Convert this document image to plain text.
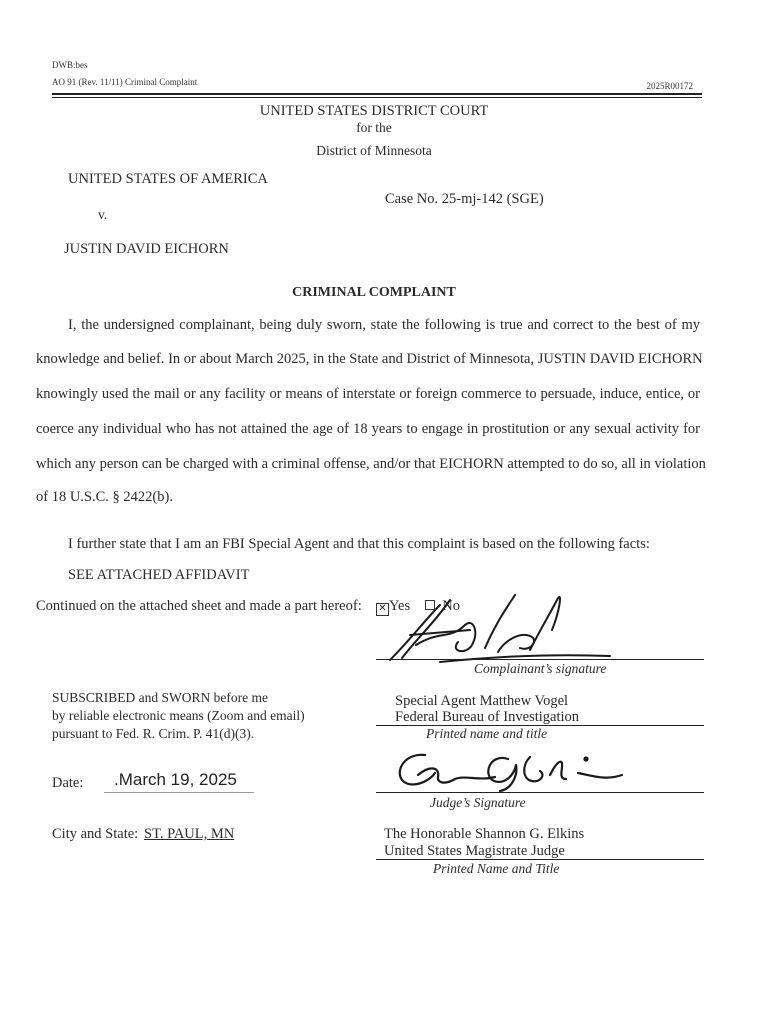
DWB:bes
AO 91 (Rev. 11/11) Criminal Complaint	2025R00172
UNITED STATES DISTRICT COURT
for the
District of Minnesota
UNITED STATES OF AMERICA
Case No. 25-mj-142 (SGE)
v.
JUSTIN DAVID EICHORN
CRIMINAL COMPLAINT
I, the undersigned complainant, being duly sworn, state the following is true and correct to the best of my
knowledge and belief. In or about March 2025, in the State and District of Minnesota, JUSTIN DAVID EICHORN
knowingly used the mail or any facility or means of interstate or foreign commerce to persuade, induce, entice, or
coerce any individual who has not attained the age of 18 years to engage in prostitution or any sexual activity for
which any person can be charged with a criminal offense, and/or that EICHORN attempted to do so, all in violation
of 18 U.S.C. § 2422(b).
I further state that I am an FBI Special Agent and that this complaint is based on the following facts:
SEE ATTACHED AFFIDAVIT
Continued on the attached sheet and made a part hereof: ✕ Yes	No
Complainant’s signature
SUBSCRIBED and SWORN before me
by reliable electronic means (Zoom and email)
pursuant to Fed. R. Crim. P. 41(d)(3).
Special Agent Matthew Vogel
Federal Bureau of Investigation
Printed name and title
Date: .March 19, 2025
Judge’s Signature
City and State: ST. PAUL, MN	The Honorable Shannon G. Elkins
United States Magistrate Judge
Printed Name and Title
